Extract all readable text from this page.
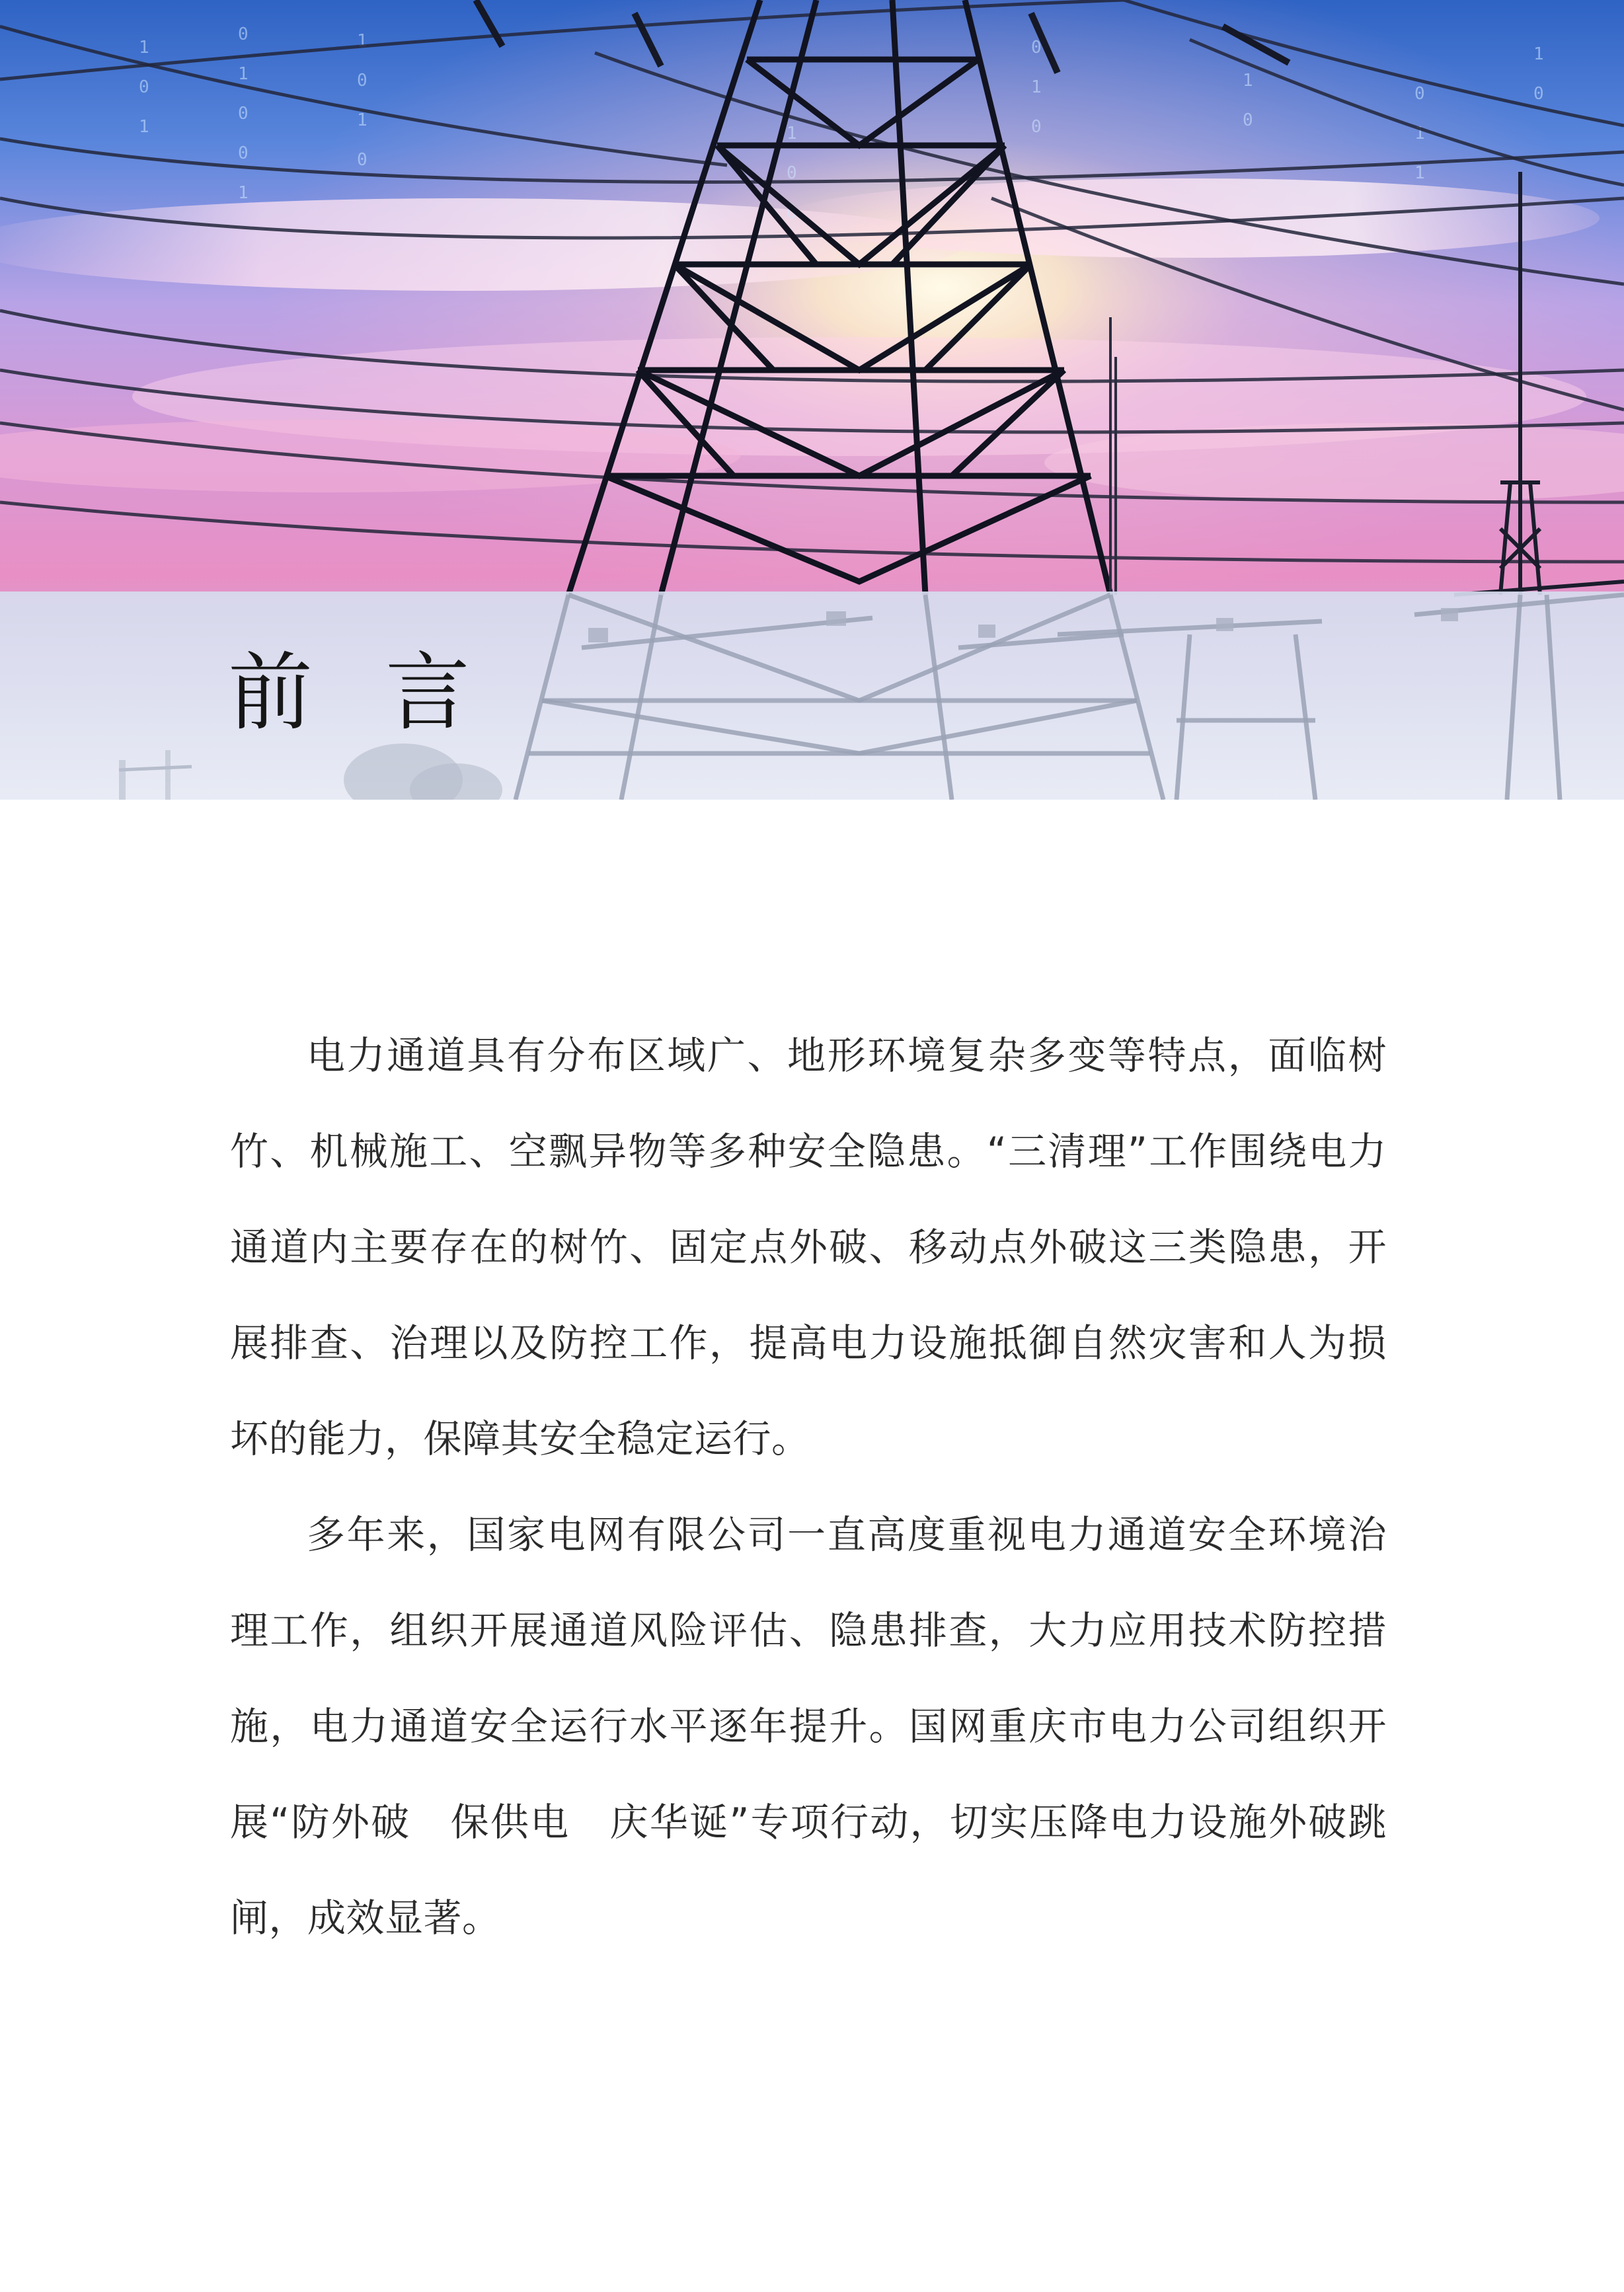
1
0
1
0
1
0
0
1
1
0
1
0
1
0
0
0
1
0
1
0
0
1
1
1
0
前言

电力通道具有分布区域广、地形环境复杂多变等特点，面临树竹、机械施工、空飘异物等多种安全隐患。“三清理”工作围绕电力通道内主要存在的树竹、固定点外破、移动点外破这三类隐患，开展排查、治理以及防控工作，提高电力设施抵御自然灾害和人为损坏的能力，保障其安全稳定运行。

多年来，国家电网有限公司一直高度重视电力通道安全环境治理工作，组织开展通道风险评估、隐患排查，大力应用技术防控措施，电力通道安全运行水平逐年提升。国网重庆市电力公司组织开展“防外破　保供电　庆华诞”专项行动，切实压降电力设施外破跳闸，成效显著。
